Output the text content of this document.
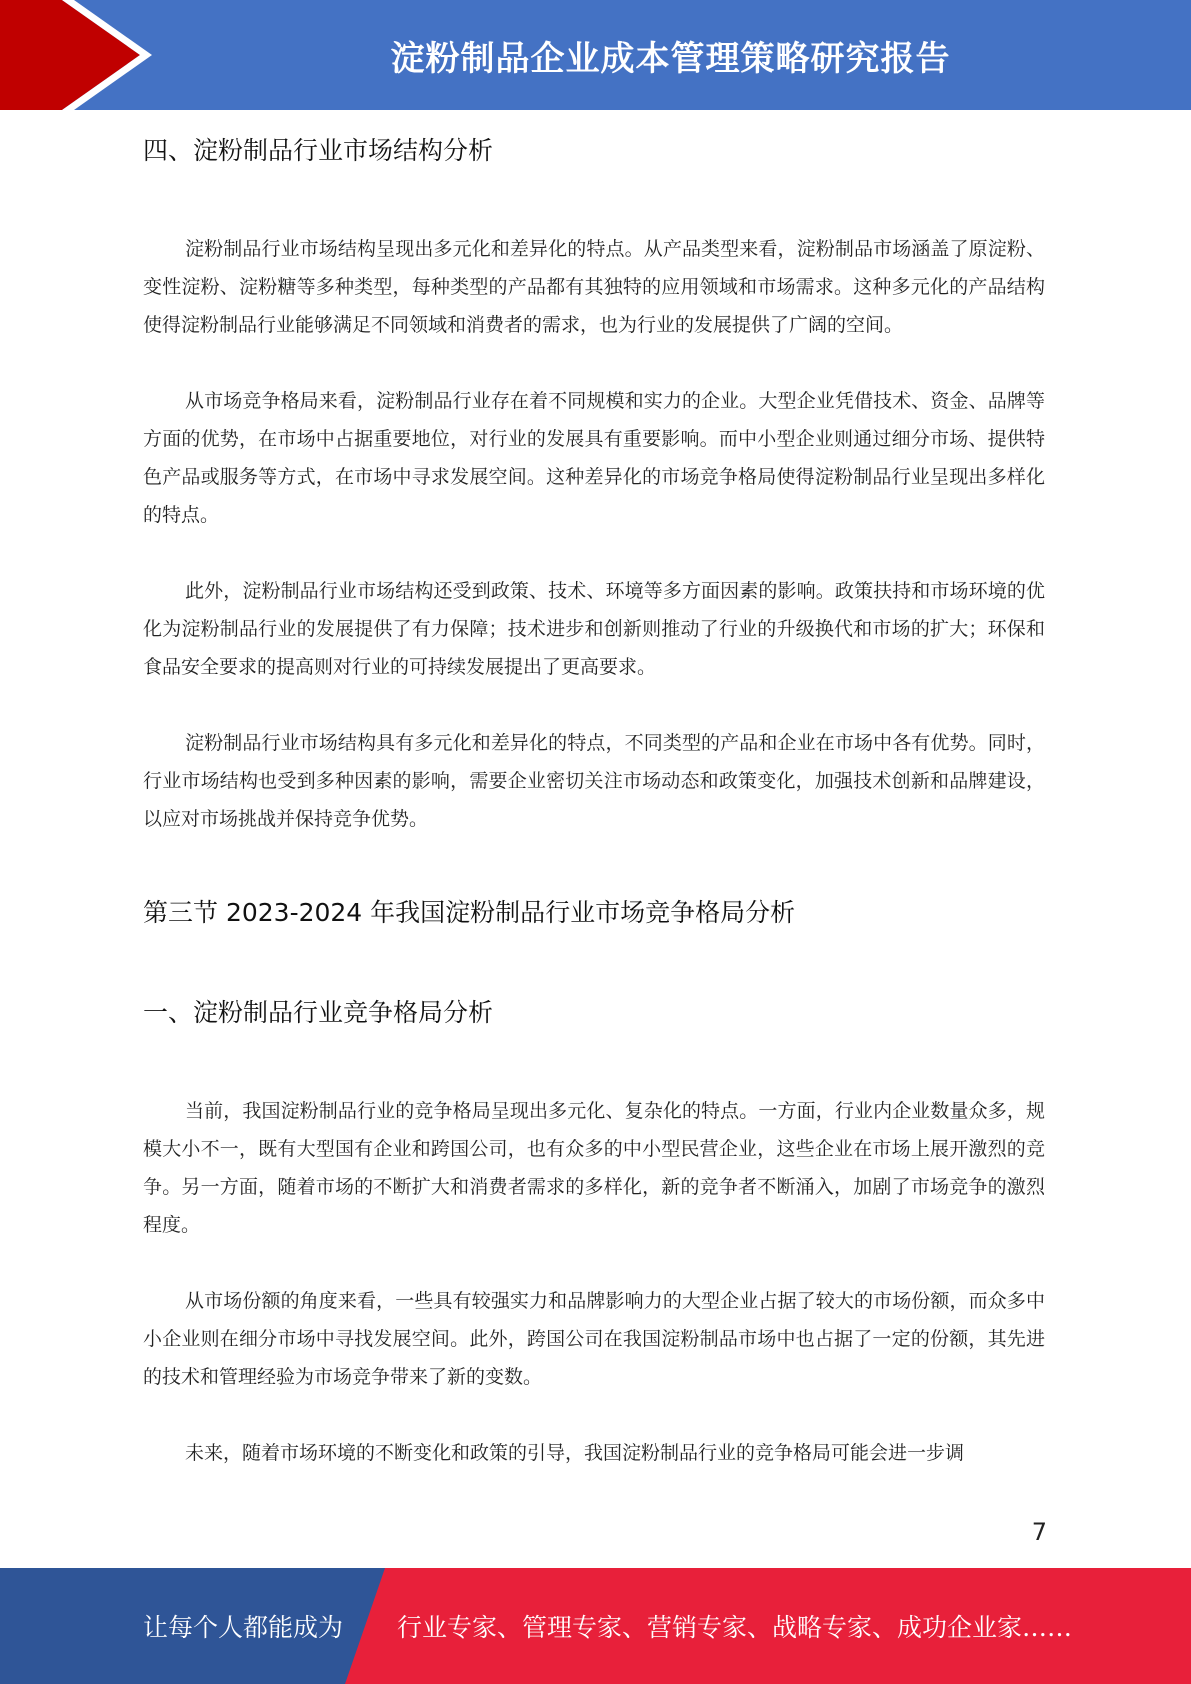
淀粉制品企业成本管理策略研究报告
四、淀粉制品行业市场结构分析

淀粉制品行业市场结构呈现出多元化和差异化的特点。从产品类型来看，淀粉制品市场涵盖了原淀粉、变性淀粉、淀粉糖等多种类型，每种类型的产品都有其独特的应用领域和市场需求。这种多元化的产品结构使得淀粉制品行业能够满足不同领域和消费者的需求，也为行业的发展提供了广阔的空间。

从市场竞争格局来看，淀粉制品行业存在着不同规模和实力的企业。大型企业凭借技术、资金、品牌等方面的优势，在市场中占据重要地位，对行业的发展具有重要影响。而中小型企业则通过细分市场、提供特色产品或服务等方式，在市场中寻求发展空间。这种差异化的市场竞争格局使得淀粉制品行业呈现出多样化的特点。

此外，淀粉制品行业市场结构还受到政策、技术、环境等多方面因素的影响。政策扶持和市场环境的优化为淀粉制品行业的发展提供了有力保障；技术进步和创新则推动了行业的升级换代和市场的扩大；环保和食品安全要求的提高则对行业的可持续发展提出了更高要求。

淀粉制品行业市场结构具有多元化和差异化的特点，不同类型的产品和企业在市场中各有优势。同时，行业市场结构也受到多种因素的影响，需要企业密切关注市场动态和政策变化，加强技术创新和品牌建设，以应对市场挑战并保持竞争优势。

第三节 2023-2024 年我国淀粉制品行业市场竞争格局分析
一、淀粉制品行业竞争格局分析

当前，我国淀粉制品行业的竞争格局呈现出多元化、复杂化的特点。一方面，行业内企业数量众多，规模大小不一，既有大型国有企业和跨国公司，也有众多的中小型民营企业，这些企业在市场上展开激烈的竞争。另一方面，随着市场的不断扩大和消费者需求的多样化，新的竞争者不断涌入，加剧了市场竞争的激烈程度。

从市场份额的角度来看，一些具有较强实力和品牌影响力的大型企业占据了较大的市场份额，而众多中小企业则在细分市场中寻找发展空间。此外，跨国公司在我国淀粉制品市场中也占据了一定的份额，其先进的技术和管理经验为市场竞争带来了新的变数。

未来，随着市场环境的不断变化和政策的引导，我国淀粉制品行业的竞争格局可能会进一步调

7
让每个人都能成为 行业专家、管理专家、营销专家、战略专家、成功企业家……
